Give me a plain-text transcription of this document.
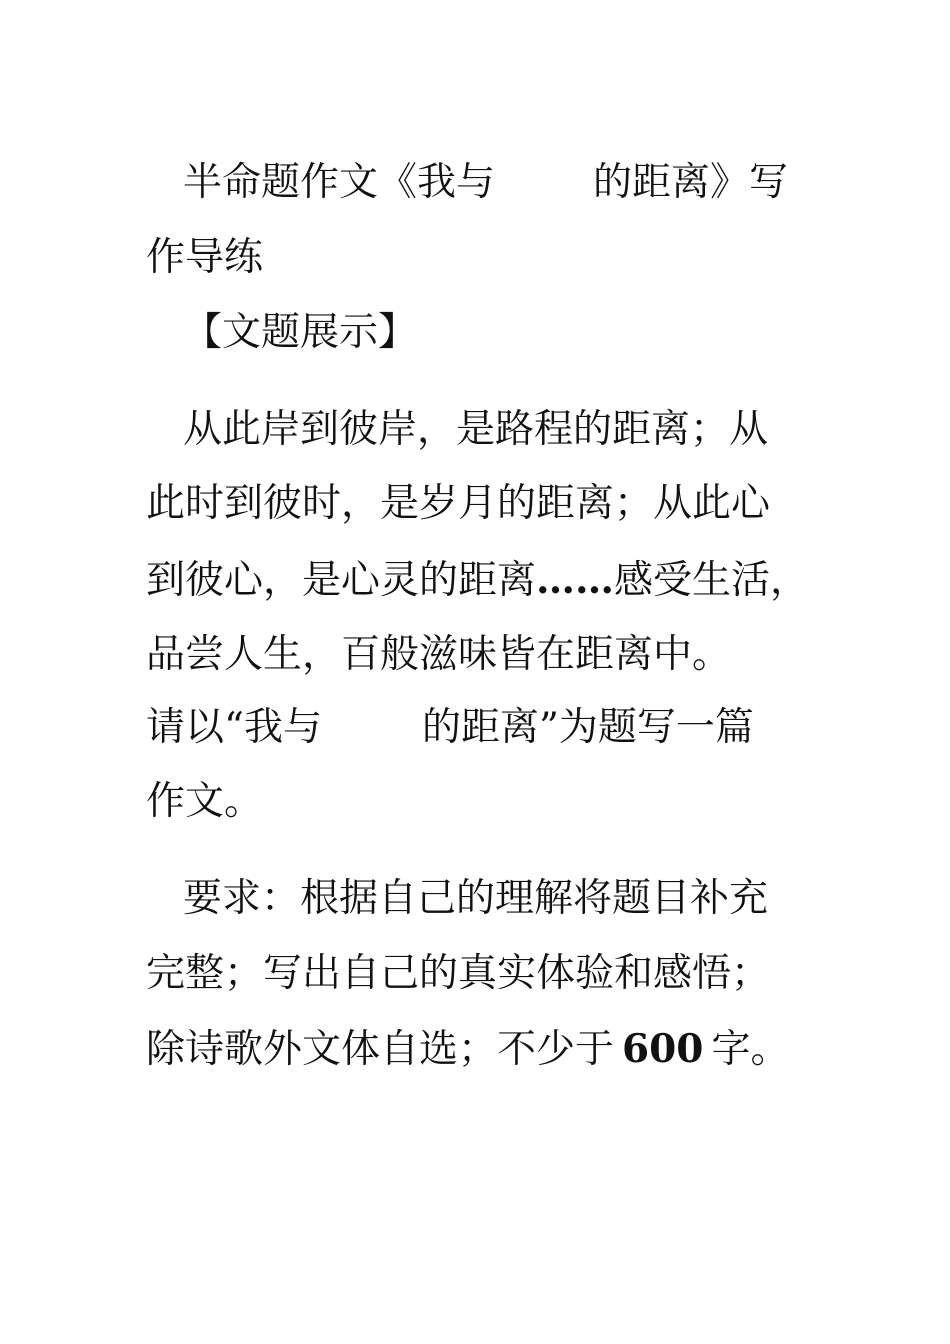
半命题作文《我与	的距离》写
作导练
【文题展示】
从此岸到彼岸，是路程的距离；从
此时到彼时，是岁月的距离；从此心
到彼心，是心灵的距离……感受生活，
品尝人生，百般滋味皆在距离中。
请以“我与	的距离”为题写一篇
作文。
要求：根据自己的理解将题目补充
完整；写出自己的真实体验和感悟；
除诗歌外文体自选；不少于 600 字。
